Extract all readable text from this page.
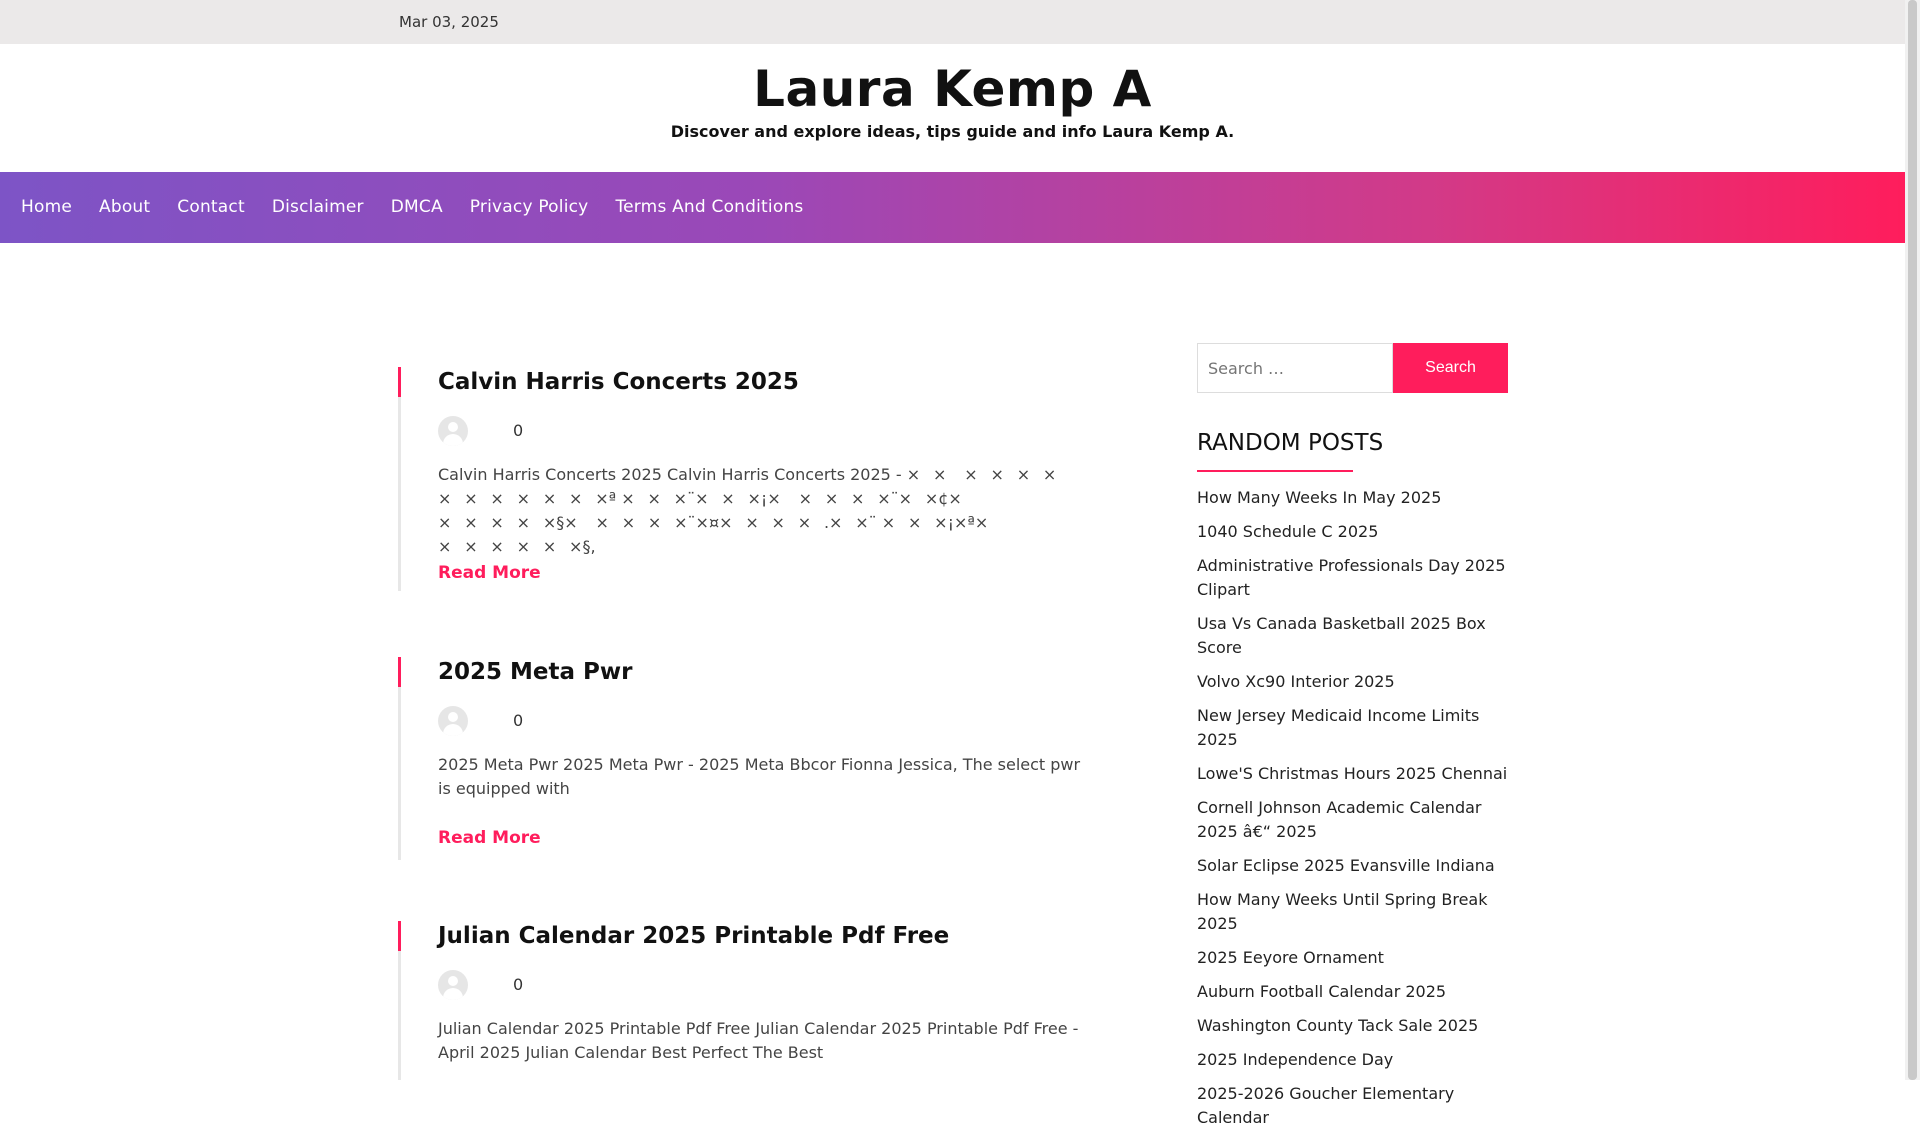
Mar 03, 2025
Laura Kemp A
Discover and explore ideas, tips guide and info Laura Kemp A.
Home About Contact Disclaimer DMCA Privacy Policy Terms And Conditions
Calvin Harris Concerts 2025
0
Calvin Harris Concerts 2025 Calvin Harris Concerts 2025 - ×× ×××× ×××××××ª ×××¨×××¡× ××××¨××¢× ×××××§× ××××¨×¤××××.××¨ ×××¡×ª× ××××××§,
Read More
2025 Meta Pwr
0
2025 Meta Pwr 2025 Meta Pwr - 2025 Meta Bbcor Fionna Jessica, The select pwr is equipped with
Read More
Julian Calendar 2025 Printable Pdf Free
0
Julian Calendar 2025 Printable Pdf Free Julian Calendar 2025 Printable Pdf Free - April 2025 Julian Calendar Best Perfect The Best
Search …
Search
RANDOM POSTS
How Many Weeks In May 2025
1040 Schedule C 2025
Administrative Professionals Day 2025 Clipart
Usa Vs Canada Basketball 2025 Box Score
Volvo Xc90 Interior 2025
New Jersey Medicaid Income Limits 2025
Lowe'S Christmas Hours 2025 Chennai
Cornell Johnson Academic Calendar 2025 â€“ 2025
Solar Eclipse 2025 Evansville Indiana
How Many Weeks Until Spring Break 2025
2025 Eeyore Ornament
Auburn Football Calendar 2025
Washington County Tack Sale 2025
2025 Independence Day
2025-2026 Goucher Elementary Calendar
